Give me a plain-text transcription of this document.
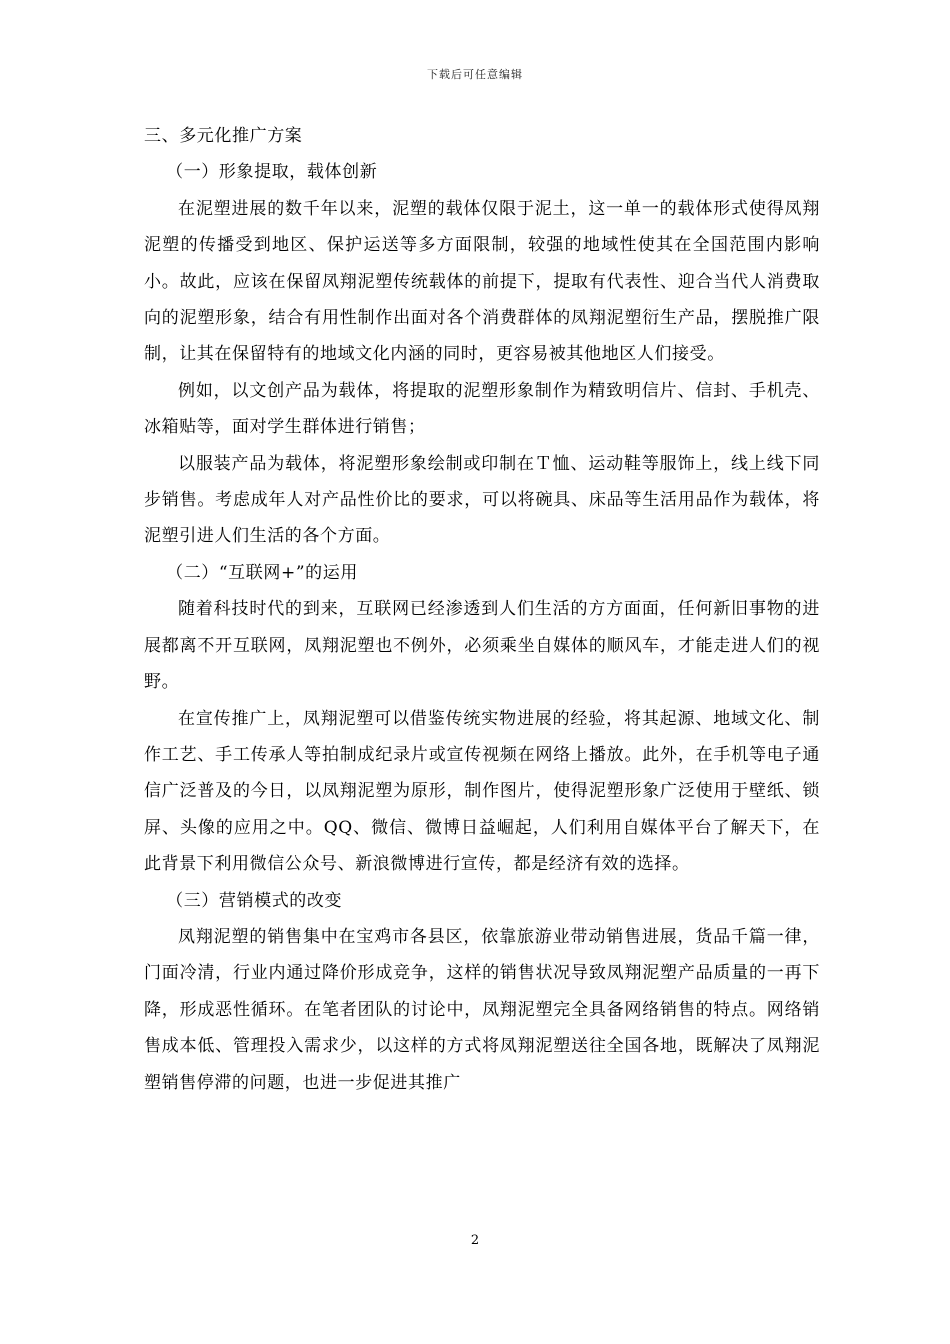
下载后可任意编辑

三、多元化推广方案

（一）形象提取，载体创新

在泥塑进展的数千年以来，泥塑的载体仅限于泥土，这一单一的载体形式使得凤翔泥塑的传播受到地区、保护运送等多方面限制，较强的地域性使其在全国范围内影响小。故此，应该在保留凤翔泥塑传统载体的前提下，提取有代表性、迎合当代人消费取向的泥塑形象，结合有用性制作出面对各个消费群体的凤翔泥塑衍生产品，摆脱推广限制，让其在保留特有的地域文化内涵的同时，更容易被其他地区人们接受。

例如，以文创产品为载体，将提取的泥塑形象制作为精致明信片、信封、手机壳、冰箱贴等，面对学生群体进行销售；

以服装产品为载体，将泥塑形象绘制或印制在Ｔ恤、运动鞋等服饰上，线上线下同步销售。考虑成年人对产品性价比的要求，可以将碗具、床品等生活用品作为载体，将泥塑引进人们生活的各个方面。

（二）“互联网+”的运用

随着科技时代的到来，互联网已经渗透到人们生活的方方面面，任何新旧事物的进展都离不开互联网，凤翔泥塑也不例外，必须乘坐自媒体的顺风车，才能走进人们的视野。

在宣传推广上，凤翔泥塑可以借鉴传统实物进展的经验，将其起源、地域文化、制作工艺、手工传承人等拍制成纪录片或宣传视频在网络上播放。此外，在手机等电子通信广泛普及的今日，以凤翔泥塑为原形，制作图片，使得泥塑形象广泛使用于壁纸、锁屏、头像的应用之中。QQ、微信、微博日益崛起，人们利用自媒体平台了解天下，在此背景下利用微信公众号、新浪微博进行宣传，都是经济有效的选择。

（三）营销模式的改变

凤翔泥塑的销售集中在宝鸡市各县区，依靠旅游业带动销售进展，货品千篇一律，门面冷清，行业内通过降价形成竞争，这样的销售状况导致凤翔泥塑产品质量的一再下降，形成恶性循环。在笔者团队的讨论中，凤翔泥塑完全具备网络销售的特点。网络销售成本低、管理投入需求少，以这样的方式将凤翔泥塑送往全国各地，既解决了凤翔泥塑销售停滞的问题，也进一步促进其推广

2
